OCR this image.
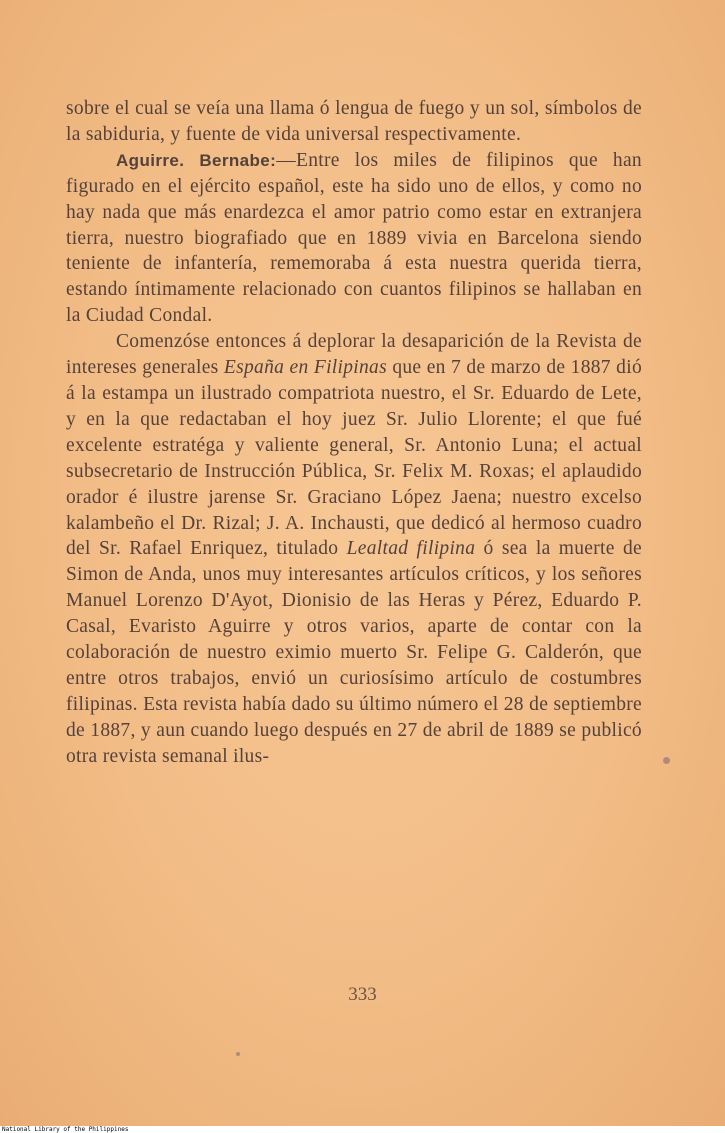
sobre el cual se veía una llama ó lengua de fuego y un sol, símbolos de la sabiduria, y fuente de vida universal respectivamente.

Aguirre. Bernabe:—Entre los miles de filipinos que han figurado en el ejército español, este ha sido uno de ellos, y como no hay nada que más enardezca el amor patrio como estar en extranjera tierra, nuestro biografiado que en 1889 vivia en Barcelona siendo teniente de infantería, rememoraba á esta nuestra querida tierra, estando íntimamente relacionado con cuantos filipinos se hallaban en la Ciudad Condal.

Comenzóse entonces á deplorar la desaparición de la Revista de intereses generales España en Filipinas que en 7 de marzo de 1887 dió á la estampa un ilustrado compatriota nuestro, el Sr. Eduardo de Lete, y en la que redactaban el hoy juez Sr. Julio Llorente; el que fué excelente estratéga y valiente general, Sr. Antonio Luna; el actual subsecretario de Instrucción Pública, Sr. Felix M. Roxas; el aplaudido orador é ilustre jarense Sr. Graciano López Jaena; nuestro excelso kalambeño el Dr. Rizal; J. A. Inchausti, que dedicó al hermoso cuadro del Sr. Rafael Enriquez, titulado Lealtad filipina ó sea la muerte de Simon de Anda, unos muy interesantes artículos críticos, y los señores Manuel Lorenzo D'Ayot, Dionisio de las Heras y Pérez, Eduardo P. Casal, Evaristo Aguirre y otros varios, aparte de contar con la colaboración de nuestro eximio muerto Sr. Felipe G. Calderón, que entre otros trabajos, envió un curiosísimo artículo de costumbres filipinas. Esta revista había dado su último número el 28 de septiembre de 1887, y aun cuando luego después en 27 de abril de 1889 se publicó otra revista semanal ilus-

333
National Library of the Philippines
